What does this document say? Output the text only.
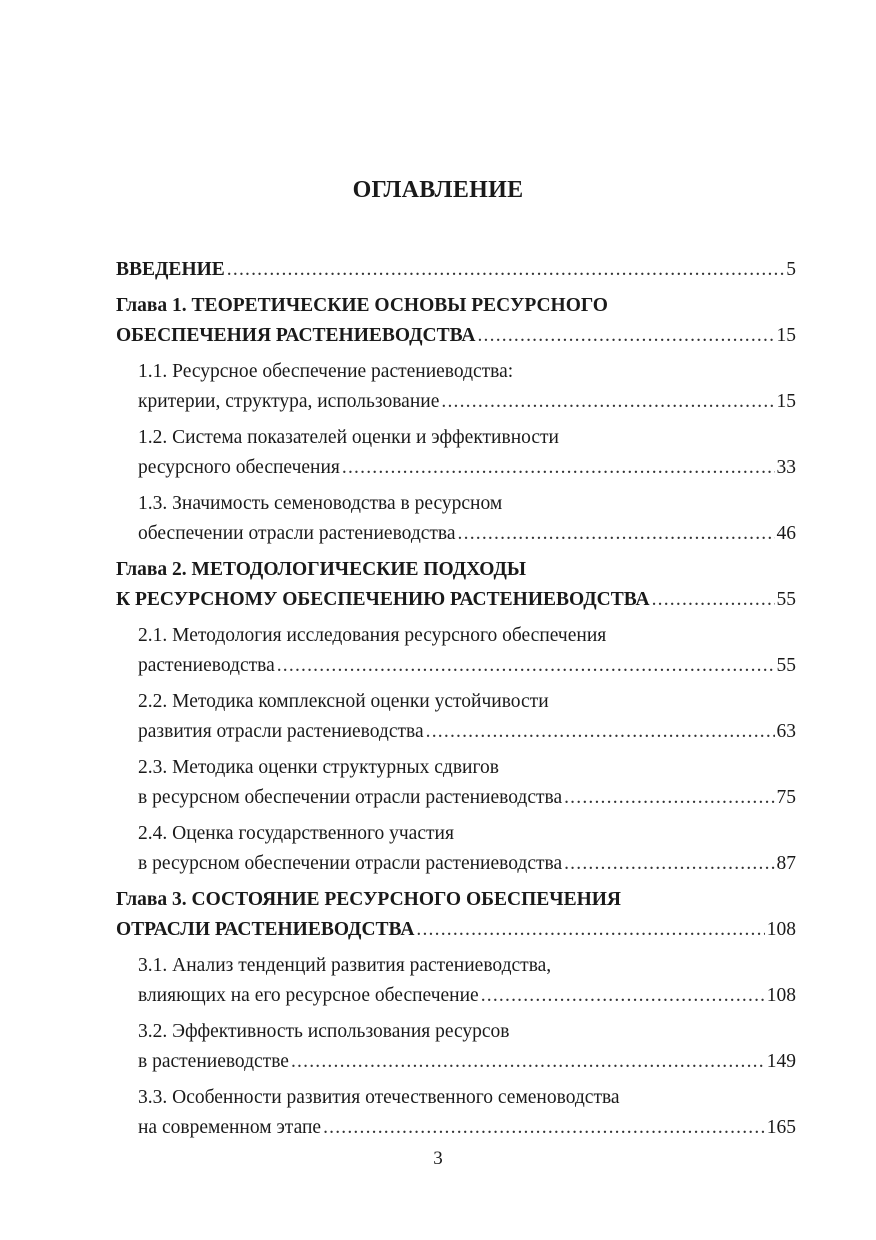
ОГЛАВЛЕНИЕ
ВВЕДЕНИЕ .....	5
Глава 1. ТЕОРЕТИЧЕСКИЕ ОСНОВЫ РЕСУРСНОГО
ОБЕСПЕЧЕНИЯ РАСТЕНИЕВОДСТВА .....	15
1.1. Ресурсное обеспечение растениеводства:
критерии, структура, использование .....	15
1.2. Система показателей оценки и эффективности
ресурсного обеспечения .....	33
1.3. Значимость семеноводства в ресурсном
обеспечении отрасли растениеводства .....	46
Глава 2. МЕТОДОЛОГИЧЕСКИЕ ПОДХОДЫ
К РЕСУРСНОМУ ОБЕСПЕЧЕНИЮ РАСТЕНИЕВОДСТВА .....	55
2.1. Методология исследования ресурсного обеспечения
растениеводства .....	55
2.2. Методика комплексной оценки устойчивости
развития отрасли растениеводства .....	63
2.3. Методика оценки структурных сдвигов
в ресурсном обеспечении отрасли растениеводства .....	75
2.4. Оценка государственного участия
в ресурсном обеспечении отрасли растениеводства .....	87
Глава 3. СОСТОЯНИЕ РЕСУРСНОГО ОБЕСПЕЧЕНИЯ
ОТРАСЛИ РАСТЕНИЕВОДСТВА .....	108
3.1. Анализ тенденций развития растениеводства,
влияющих на его ресурсное обеспечение .....	108
3.2. Эффективность использования ресурсов
в растениеводстве .....	149
3.3. Особенности развития отечественного семеноводства
на современном этапе .....	165
3
